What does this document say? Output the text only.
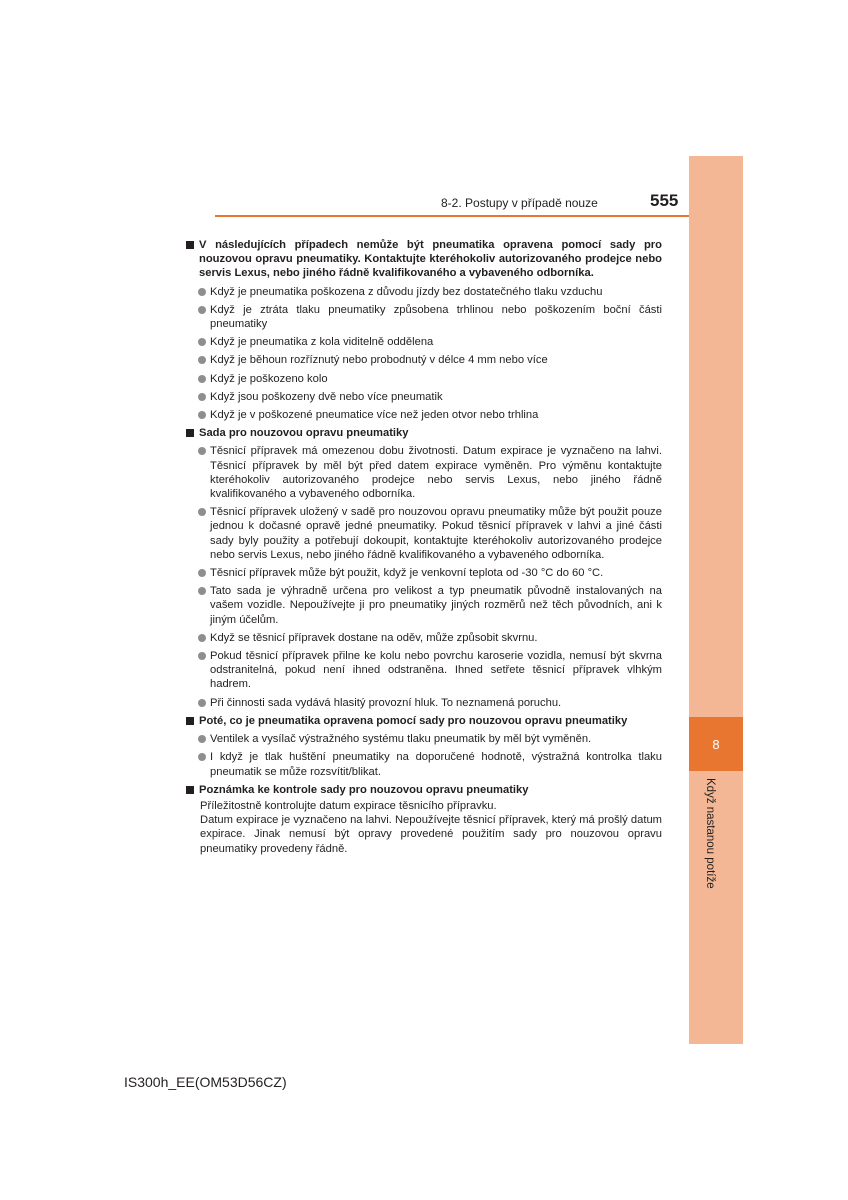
8
Když nastanou potíže
8-2. Postupy v případě nouze	555
V následujících případech nemůže být pneumatika opravena pomocí sady pro nouzovou opravu pneumatiky. Kontaktujte kteréhokoliv autorizovaného prodejce nebo servis Lexus, nebo jiného řádně kvalifikovaného a vybaveného odborníka.
Když je pneumatika poškozena z důvodu jízdy bez dostatečného tlaku vzduchu
Když je ztráta tlaku pneumatiky způsobena trhlinou nebo poškozením boční části pneumatiky
Když je pneumatika z kola viditelně oddělena
Když je běhoun rozříznutý nebo probodnutý v délce 4 mm nebo více
Když je poškozeno kolo
Když jsou poškozeny dvě nebo více pneumatik
Když je v poškozené pneumatice více než jeden otvor nebo trhlina
Sada pro nouzovou opravu pneumatiky
Těsnicí přípravek má omezenou dobu životnosti. Datum expirace je vyznačeno na lahvi. Těsnicí přípravek by měl být před datem expirace vyměněn. Pro výměnu kontaktujte kteréhokoliv autorizovaného prodejce nebo servis Lexus, nebo jiného řádně kvalifikovaného a vybaveného odborníka.
Těsnicí přípravek uložený v sadě pro nouzovou opravu pneumatiky může být použit pouze jednou k dočasné opravě jedné pneumatiky. Pokud těsnicí přípravek v lahvi a jiné části sady byly použity a potřebují dokoupit, kontaktujte kteréhokoliv autorizovaného prodejce nebo servis Lexus, nebo jiného řádně kvalifikovaného a vybaveného odborníka.
Těsnicí přípravek může být použit, když je venkovní teplota od -30 °C do 60 °C.
Tato sada je výhradně určena pro velikost a typ pneumatik původně instalovaných na vašem vozidle. Nepoužívejte ji pro pneumatiky jiných rozměrů než těch původních, ani k jiným účelům.
Když se těsnicí přípravek dostane na oděv, může způsobit skvrnu.
Pokud těsnicí přípravek přilne ke kolu nebo povrchu karoserie vozidla, nemusí být skvrna odstranitelná, pokud není ihned odstraněna. Ihned setřete těsnicí přípravek vlhkým hadrem.
Při činnosti sada vydává hlasitý provozní hluk. To neznamená poruchu.
Poté, co je pneumatika opravena pomocí sady pro nouzovou opravu pneumatiky
Ventilek a vysílač výstražného systému tlaku pneumatik by měl být vyměněn.
I když je tlak huštění pneumatiky na doporučené hodnotě, výstražná kontrolka tlaku pneumatik se může rozsvítit/blikat.
Poznámka ke kontrole sady pro nouzovou opravu pneumatiky
Příležitostně kontrolujte datum expirace těsnicího přípravku.
Datum expirace je vyznačeno na lahvi. Nepoužívejte těsnicí přípravek, který má prošlý datum expirace. Jinak nemusí být opravy provedené použitím sady pro nouzovou opravu pneumatiky provedeny řádně.
IS300h_EE(OM53D56CZ)
